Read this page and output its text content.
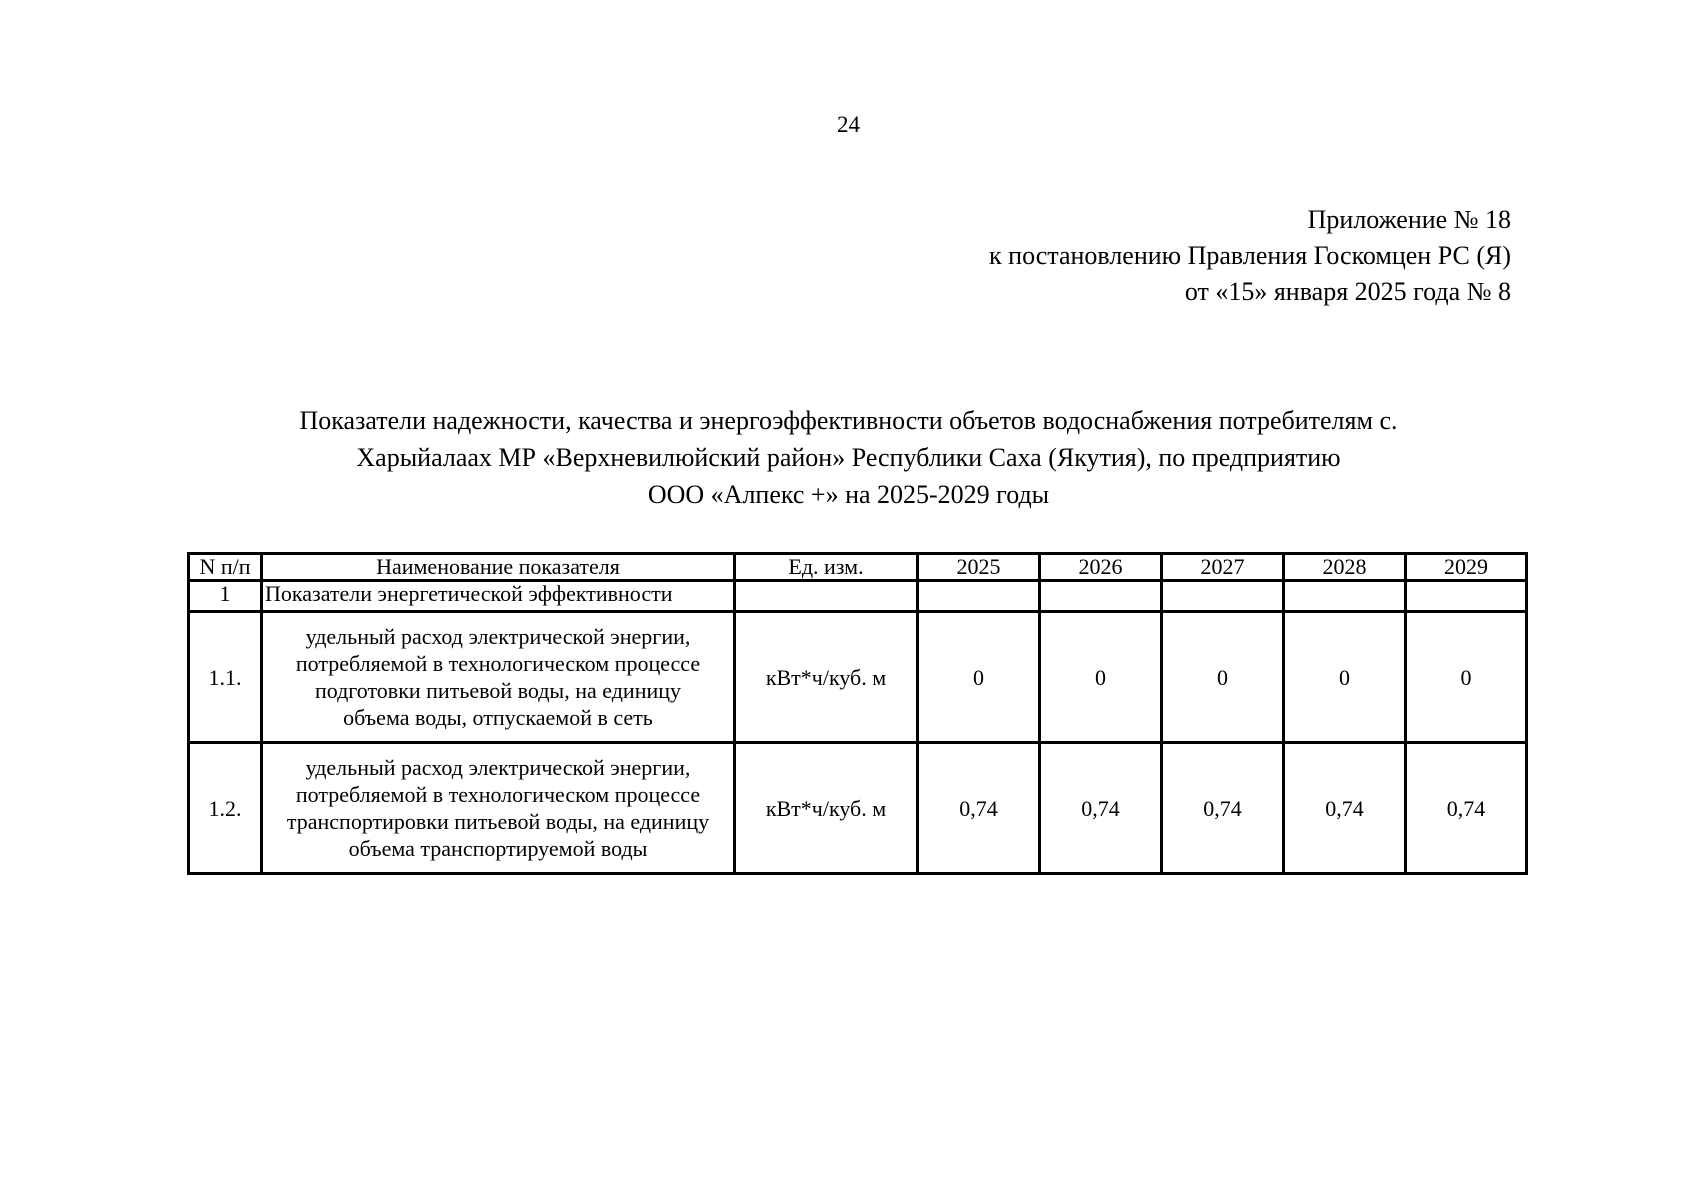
24
Приложение № 18
к постановлению Правления Госкомцен РС (Я)
от «15» января 2025 года № 8
Показатели надежности, качества и энергоэффективности объетов водоснабжения потребителям с.
Харыйалаах МР «Верхневилюйский район» Республики Саха (Якутия), по предприятию
ООО «Алпекс +» на 2025-2029 годы
N п/п	Наименование показателя	Ед. изм.	2025	2026	2027	2028	2029
1	Показатели энергетической эффективности						
1.1.	удельный расход электрической энергии,
потребляемой в технологическом процессе
подготовки питьевой воды, на единицу
объема воды, отпускаемой в сеть	кВт*ч/куб. м	0	0	0	0	0
1.2.	удельный расход электрической энергии,
потребляемой в технологическом процессе
транспортировки питьевой воды, на единицу
объема транспортируемой воды	кВт*ч/куб. м	0,74	0,74	0,74	0,74	0,74
